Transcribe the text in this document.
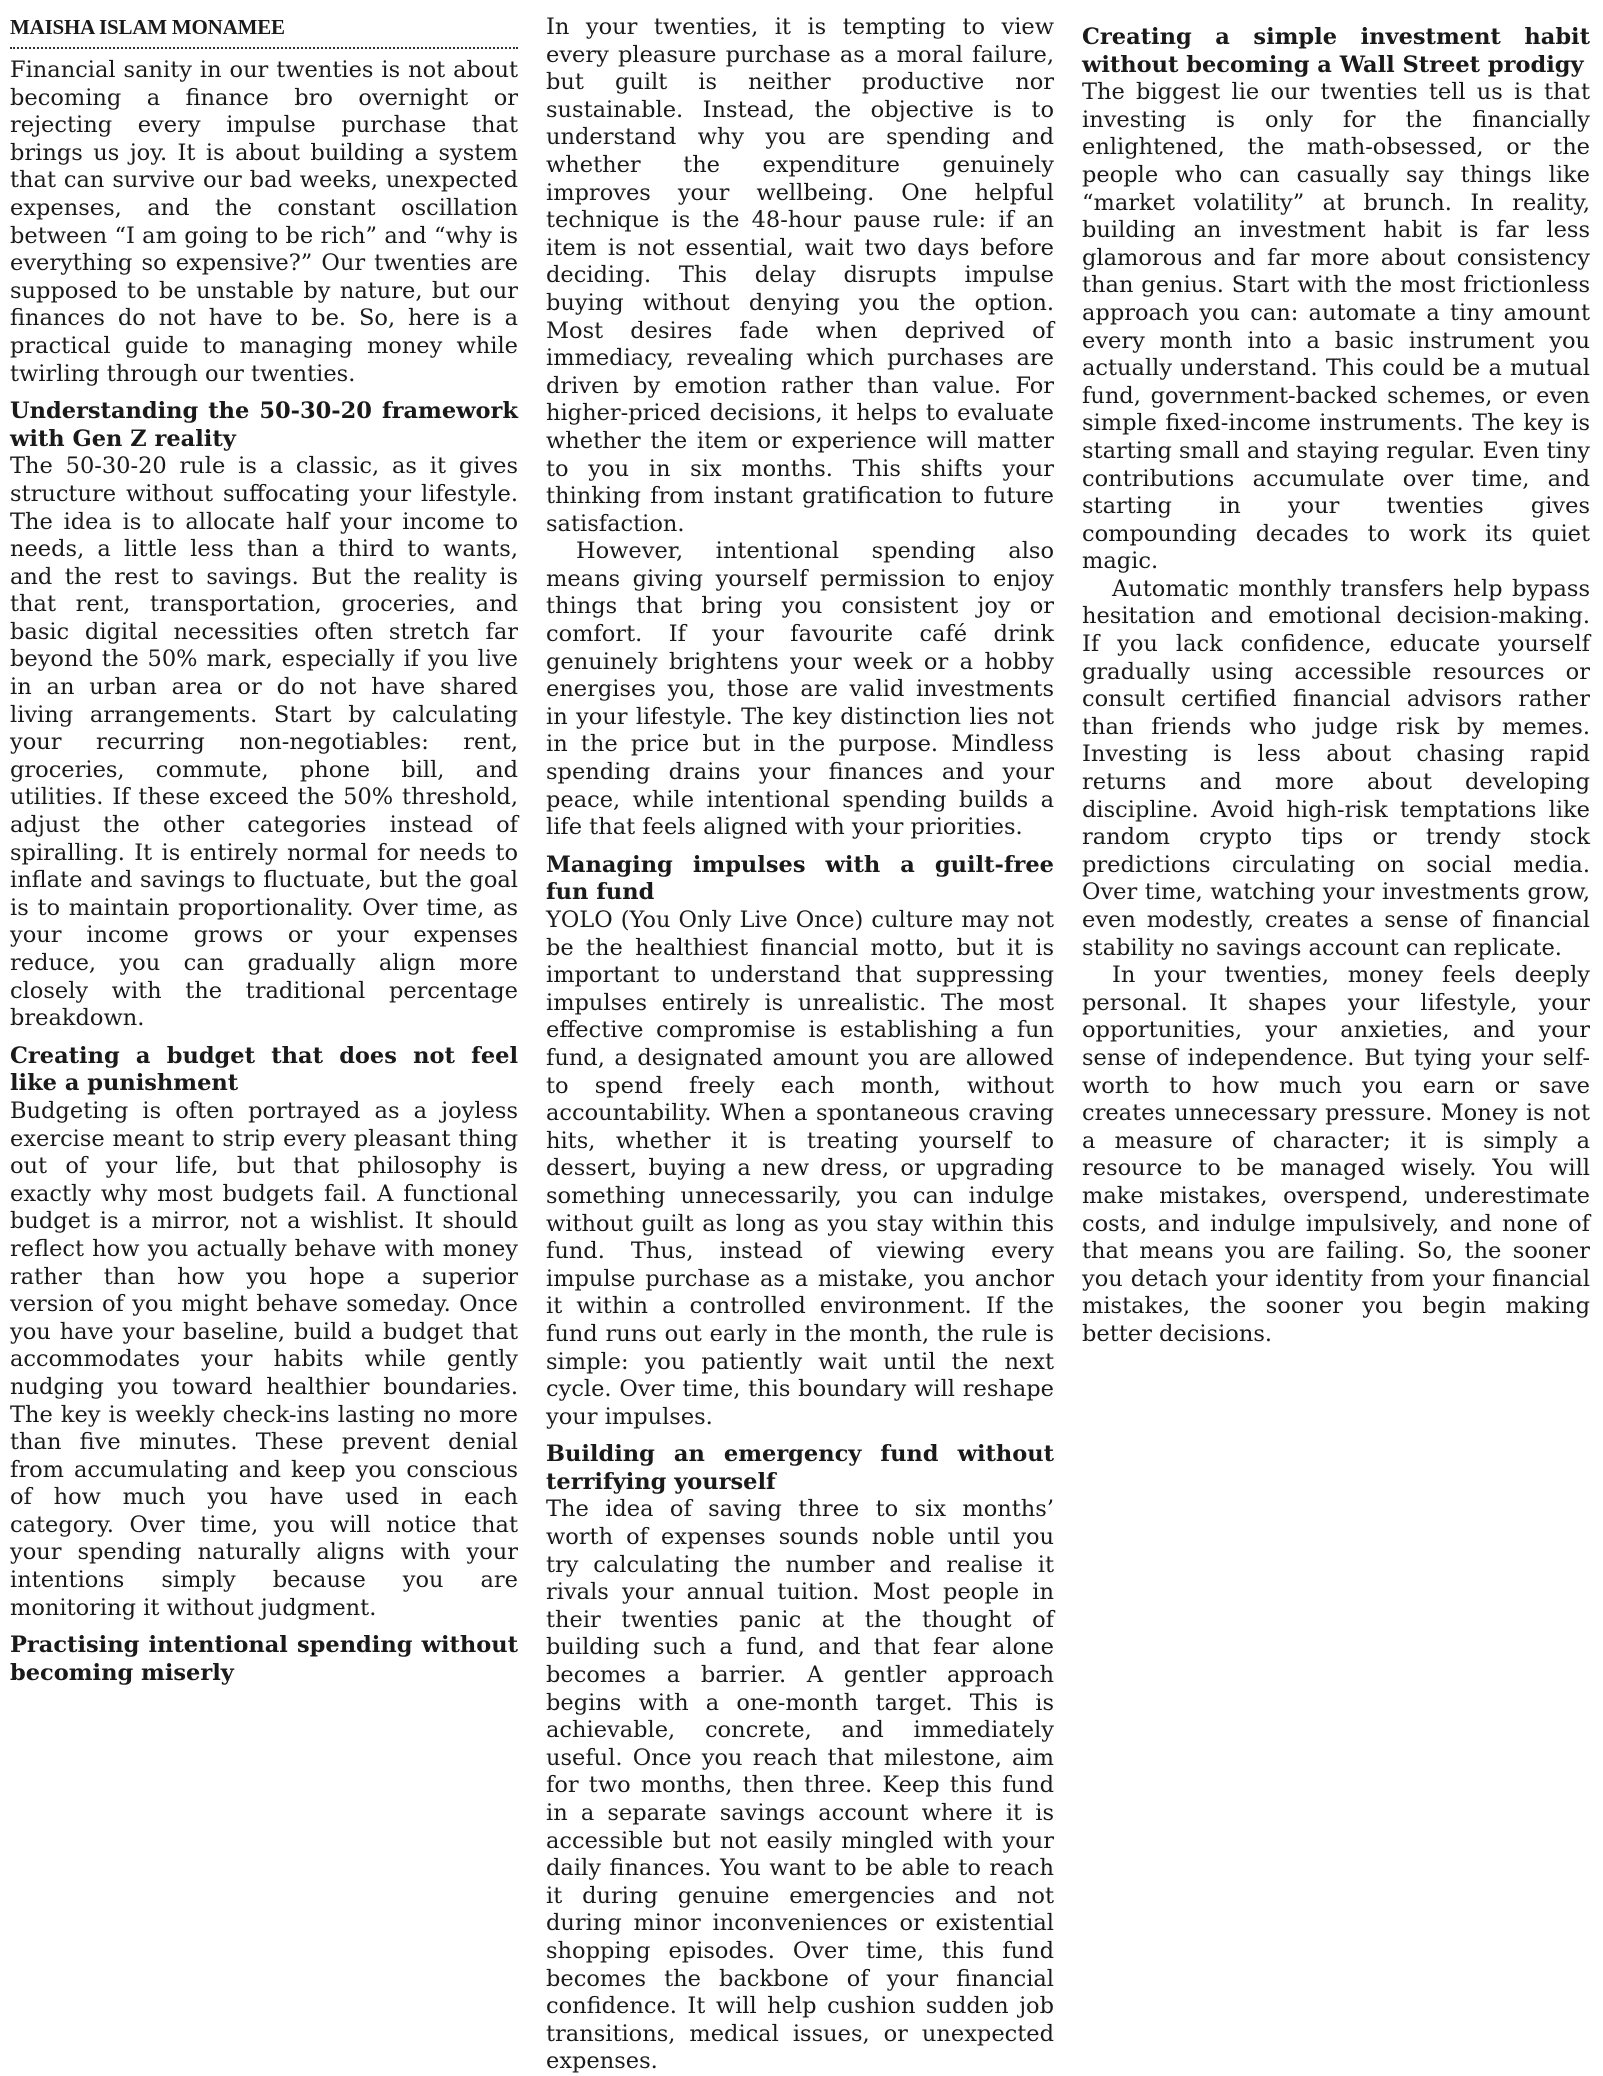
MAISHA ISLAM MONAMEE

Financial sanity in our twenties is not about becoming a finance bro overnight or rejecting every impulse purchase that brings us joy. It is about building a system that can survive our bad weeks, unexpected expenses, and the constant oscillation between “I am going to be rich” and “why is everything so expensive?” Our twenties are supposed to be unstable by nature, but our finances do not have to be. So, here is a practical guide to managing money while twirling through our twenties.

Understanding the 50-30-20 framework with Gen Z reality

The 50-30-20 rule is a classic, as it gives structure without suffocating your lifestyle. The idea is to allocate half your income to needs, a little less than a third to wants, and the rest to savings. But the reality is that rent, transportation, groceries, and basic digital necessities often stretch far beyond the 50% mark, especially if you live in an urban area or do not have shared living arrangements. Start by calculating your recurring non-negotiables: rent, groceries, commute, phone bill, and utilities. If these exceed the 50% threshold, adjust the other categories instead of spiralling. It is entirely normal for needs to inflate and savings to fluctuate, but the goal is to maintain proportionality. Over time, as your income grows or your expenses reduce, you can gradually align more closely with the traditional percentage breakdown.

Creating a budget that does not feel like a punishment

Budgeting is often portrayed as a joyless exercise meant to strip every pleasant thing out of your life, but that philosophy is exactly why most budgets fail. A functional budget is a mirror, not a wishlist. It should reflect how you actually behave with money rather than how you hope a superior version of you might behave someday. Once you have your baseline, build a budget that accommodates your habits while gently nudging you toward healthier boundaries. The key is weekly check-ins lasting no more than five minutes. These prevent denial from accumulating and keep you conscious of how much you have used in each category. Over time, you will notice that your spending naturally aligns with your intentions simply because you are monitoring it without judgment.

Practising intentional spending without becoming miserly

In your twenties, it is tempting to view every pleasure purchase as a moral failure, but guilt is neither productive nor sustainable. Instead, the objective is to understand why you are spending and whether the expenditure genuinely improves your wellbeing. One helpful technique is the 48-hour pause rule: if an item is not essential, wait two days before deciding. This delay disrupts impulse buying without denying you the option. Most desires fade when deprived of immediacy, revealing which purchases are driven by emotion rather than value. For higher-priced decisions, it helps to evaluate whether the item or experience will matter to you in six months. This shifts your thinking from instant gratification to future satisfaction.

However, intentional spending also means giving yourself permission to enjoy things that bring you consistent joy or comfort. If your favourite café drink genuinely brightens your week or a hobby energises you, those are valid investments in your lifestyle. The key distinction lies not in the price but in the purpose. Mindless spending drains your finances and your peace, while intentional spending builds a life that feels aligned with your priorities.

Managing impulses with a guilt-free fun fund

YOLO (You Only Live Once) culture may not be the healthiest financial motto, but it is important to understand that suppressing impulses entirely is unrealistic. The most effective compromise is establishing a fun fund, a designated amount you are allowed to spend freely each month, without accountability. When a spontaneous craving hits, whether it is treating yourself to dessert, buying a new dress, or upgrading something unnecessarily, you can indulge without guilt as long as you stay within this fund. Thus, instead of viewing every impulse purchase as a mistake, you anchor it within a controlled environment. If the fund runs out early in the month, the rule is simple: you patiently wait until the next cycle. Over time, this boundary will reshape your impulses.

Building an emergency fund without terrifying yourself

The idea of saving three to six months’ worth of expenses sounds noble until you try calculating the number and realise it rivals your annual tuition. Most people in their twenties panic at the thought of building such a fund, and that fear alone becomes a barrier. A gentler approach begins with a one-month target. This is achievable, concrete, and immediately useful. Once you reach that milestone, aim for two months, then three. Keep this fund in a separate savings account where it is accessible but not easily mingled with your daily finances. You want to be able to reach it during genuine emergencies and not during minor inconveniences or existential shopping episodes. Over time, this fund becomes the backbone of your financial confidence. It will help cushion sudden job transitions, medical issues, or unexpected expenses.

Creating a simple investment habit without becoming a Wall Street prodigy

The biggest lie our twenties tell us is that investing is only for the financially enlightened, the math-obsessed, or the people who can casually say things like “market volatility” at brunch. In reality, building an investment habit is far less glamorous and far more about consistency than genius. Start with the most frictionless approach you can: automate a tiny amount every month into a basic instrument you actually understand. This could be a mutual fund, government-backed schemes, or even simple fixed-income instruments. The key is starting small and staying regular. Even tiny contributions accumulate over time, and starting in your twenties gives compounding decades to work its quiet magic.

Automatic monthly transfers help bypass hesitation and emotional decision-making. If you lack confidence, educate yourself gradually using accessible resources or consult certified financial advisors rather than friends who judge risk by memes. Investing is less about chasing rapid returns and more about developing discipline. Avoid high-risk temptations like random crypto tips or trendy stock predictions circulating on social media. Over time, watching your investments grow, even modestly, creates a sense of financial stability no savings account can replicate.

In your twenties, money feels deeply personal. It shapes your lifestyle, your opportunities, your anxieties, and your sense of independence. But tying your self-worth to how much you earn or save creates unnecessary pressure. Money is not a measure of character; it is simply a resource to be managed wisely. You will make mistakes, overspend, underestimate costs, and indulge impulsively, and none of that means you are failing. So, the sooner you detach your identity from your financial mistakes, the sooner you begin making better decisions.
